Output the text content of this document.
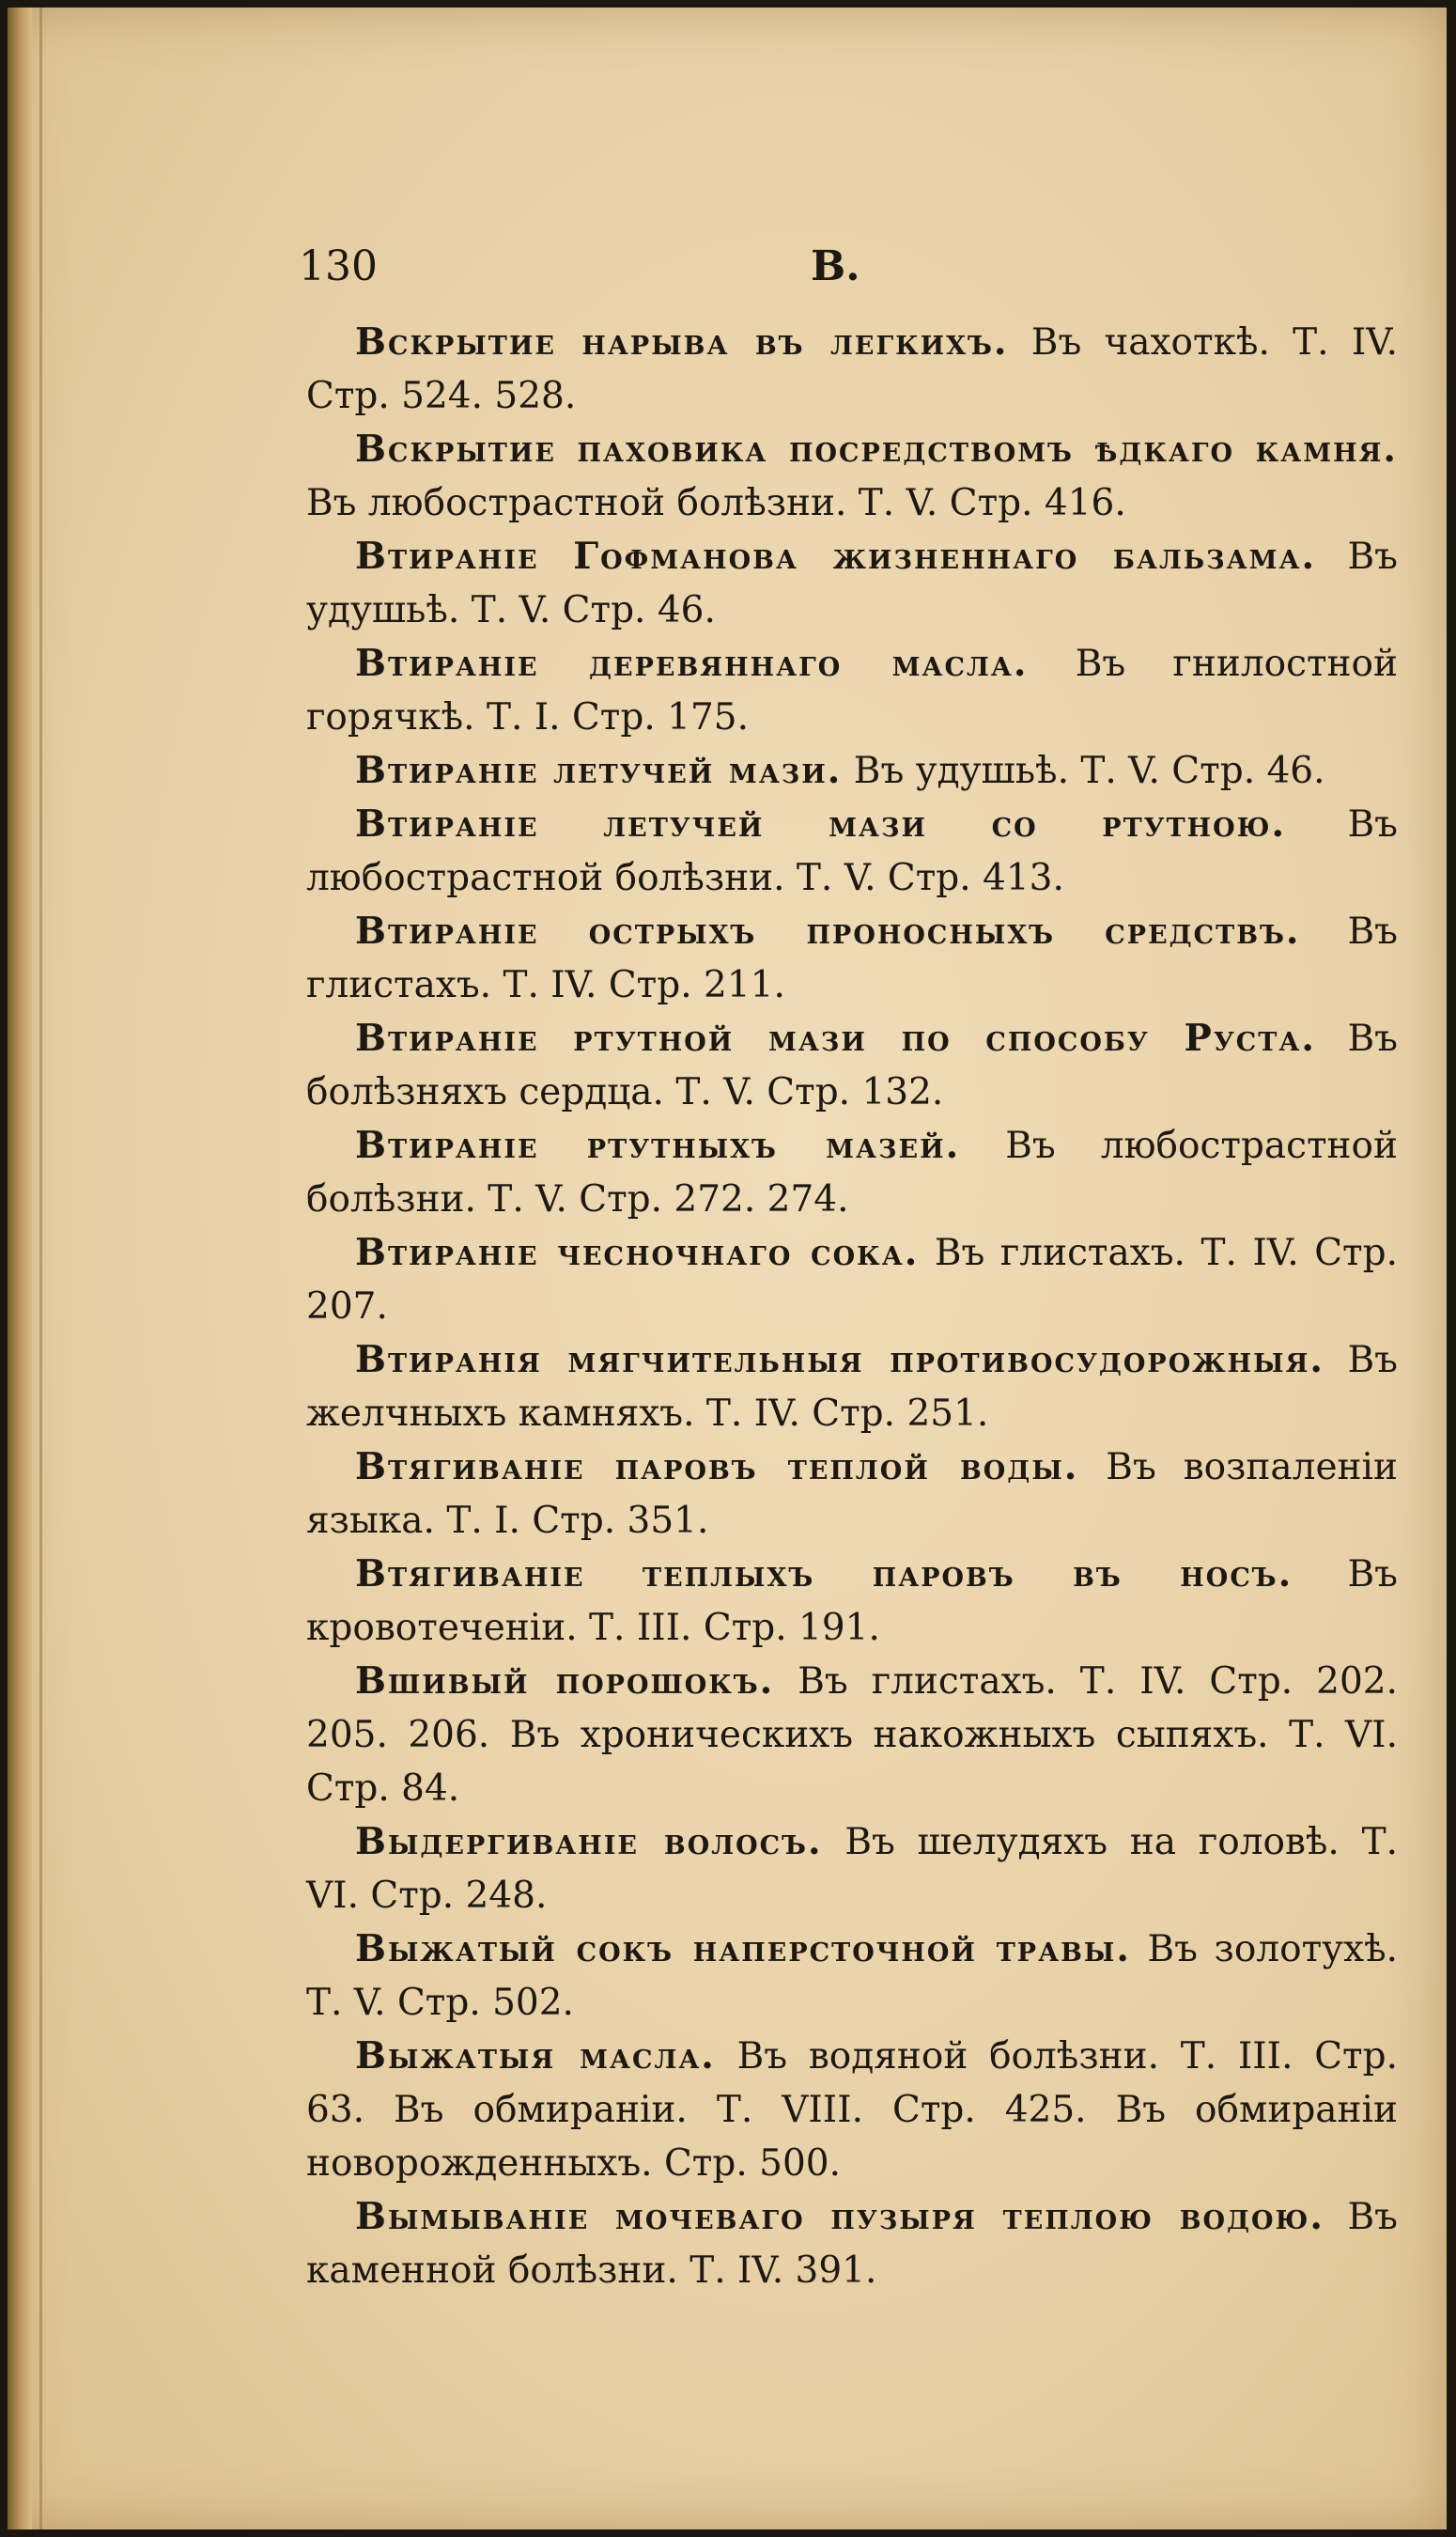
130	В.

Вскрытие нарыва въ легкихъ. Въ чахоткѣ. Т. IV. Стр. 524. 528.

Вскрытие паховика посредствомъ ѣдкаго камня. Въ любострастной болѣзни. Т. V. Стр. 416.

Втираніе Гофманова жизненнаго бальзама. Въ удушьѣ. Т. V. Стр. 46.

Втираніе деревяннаго масла. Въ гнилостной горячкѣ. Т. I. Стр. 175.

Втираніе летучей мази. Въ удушьѣ. Т. V. Стр. 46.

Втираніе летучей мази со ртутною. Въ любострастной болѣзни. Т. V. Стр. 413.

Втираніе острыхъ проносныхъ средствъ. Въ глистахъ. Т. IV. Стр. 211.

Втираніе ртутной мази по способу Руста. Въ болѣзняхъ сердца. Т. V. Стр. 132.

Втираніе ртутныхъ мазей. Въ любострастной болѣзни. Т. V. Стр. 272. 274.

Втираніе чесночнаго сока. Въ глистахъ. Т. IV. Стр. 207.

Втиранія мягчительныя противосудорожныя. Въ желчныхъ камняхъ. Т. IV. Стр. 251.

Втягиваніе паровъ теплой воды. Въ возпаленіи языка. Т. I. Стр. 351.

Втягиваніе теплыхъ паровъ въ носъ. Въ кровотеченіи. Т. III. Стр. 191.

Вшивый порошокъ. Въ глистахъ. Т. IV. Стр. 202. 205. 206. Въ хроническихъ накожныхъ сыпяхъ. Т. VI. Стр. 84.

Выдергиваніе волосъ. Въ шелудяхъ на головѣ. Т. VI. Стр. 248.

Выжатый сокъ наперсточной травы. Въ золотухѣ. Т. V. Стр. 502.

Выжатыя масла. Въ водяной болѣзни. Т. III. Стр. 63. Въ обмираніи. Т. VIII. Стр. 425. Въ обмираніи новорожденныхъ. Стр. 500.

Вымываніе мочеваго пузыря теплою водою. Въ каменной болѣзни. Т. IV. 391.
